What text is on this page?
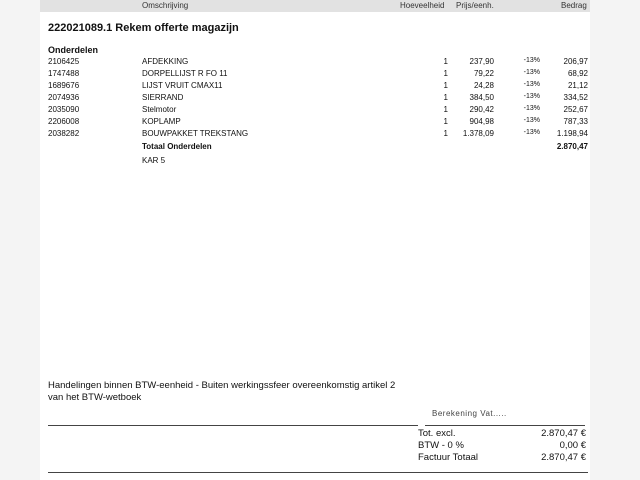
Omschrijving	Hoeveelheid Prijs/eenh.	Bedrag
222021089.1 Rekem offerte magazijn
Onderdelen
2106425	AFDEKKING	1	237,90	-13%	206,97
1747488	DORPELLIJST R FO 11	1	79,22	-13%	68,92
1689676	LIJST VRUIT CMAX11	1	24,28	-13%	21,12
2074936	SIERRAND	1	384,50	-13%	334,52
2035090	Stelmotor	1	290,42	-13%	252,67
2206008	KOPLAMP	1	904,98	-13%	787,33
2038282	BOUWPAKKET TREKSTANG	1	1.378,09	-13%	1.198,94
Totaal Onderdelen	2.870,47
KAR 5
Handelingen binnen BTW-eenheid - Buiten werkingssfeer overeenkomstig artikel 2 van het BTW-wetboek
Berekening Vat.....
Tot. excl.	2.870,47 €
BTW - 0 %	0,00 €
Factuur Totaal	2.870,47 €
